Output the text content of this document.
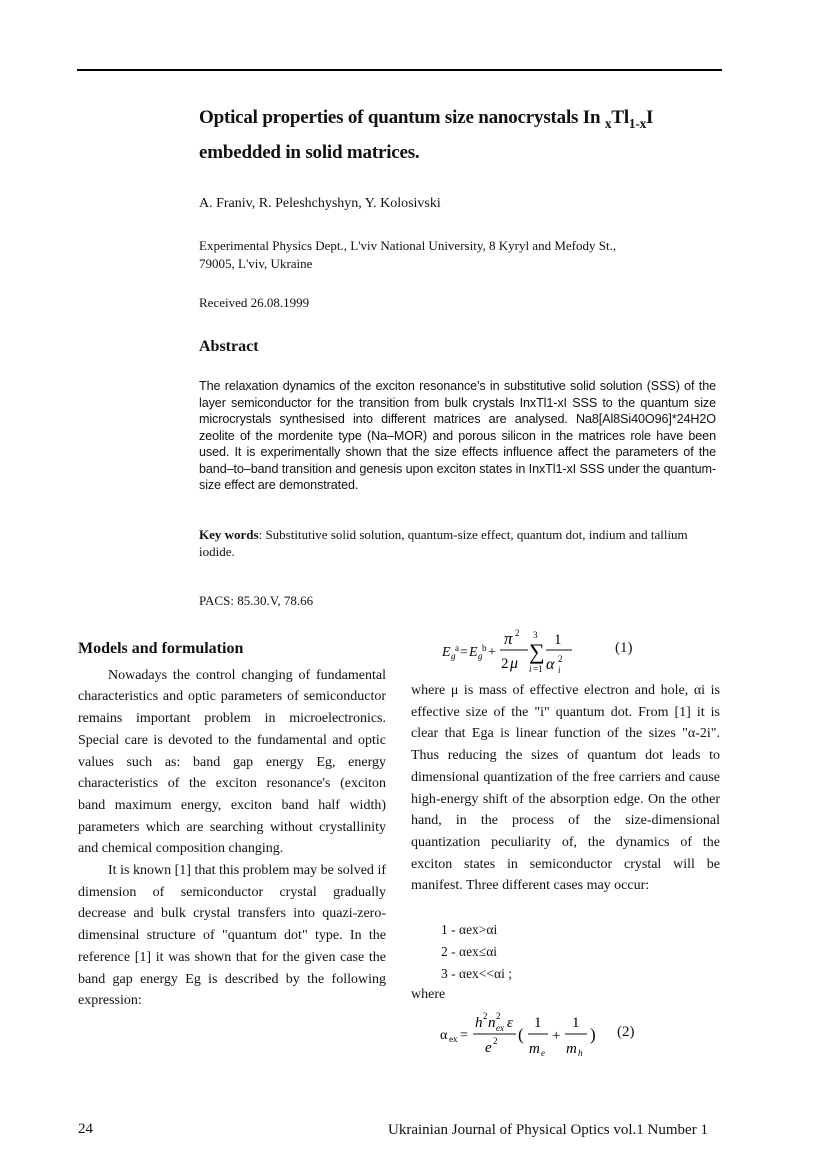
Optical properties of quantum size nanocrystals In $_xTl_{1-x}I$
embedded in solid matrices.
A. Franiv, R. Peleshchyshyn, Y. Kolosivski
Experimental Physics Dept., L'viv National University, 8 Kyryl and Mefody St.,
79005, L'viv, Ukraine
Received 26.08.1999
Abstract
The relaxation dynamics of the exciton resonance's in substitutive solid solution (SSS) of the layer semiconductor for the transition from bulk crystals InxTl1-xI SSS to the quantum size microcrystals synthesised into different matrices are analysed. Na8[Al8Si40O96]*24H2O zeolite of the mordenite type (Na–MOR) and porous silicon in the matrices role have been used. It is experimentally shown that the size effects influence affect the parameters of the band–to–band transition and genesis upon exciton states in InxTl1-xI SSS under the quantum-size effect are demonstrated.
Key words: Substitutive solid solution, quantum-size effect, quantum dot, indium and tallium iodide.
PACS: 85.30.V, 78.66
Models and formulation

Nowadays the control changing of fundamental characteristics and optic parameters of semiconductor remains important problem in microelectronics. Special care is devoted to the fundamental and optic values such as: band gap energy Eg, energy characteristics of the exciton resonance's (exciton band maximum energy, exciton band half width) parameters which are searching without crystallinity and chemical composition changing.

It is known [1] that this problem may be solved if dimension of semiconductor crystal gradually decrease and bulk crystal transfers into quazi-zero-dimensinal structure of "quantum dot" type. In the reference [1] it was shown that for the given case the band gap energy Eg is described by the following expression:

E g
a = E g
b +
π 2
2 μ
3
∑
i =1
1
α 2
i
(1)

where μ is mass of effective electron and hole, αi is effective size of the "i" quantum dot. From [1] it is clear that Ega is linear function of the sizes "α-2i". Thus reducing the sizes of quantum dot leads to dimensional quantization of the free carriers and cause high-energy shift of the absorption edge. On the other hand, in the process of the size-dimensional quantization peculiarity of, the dynamics of the exciton states in semiconductor crystal will be manifest. Three different cases may occur:

1 - αex>αi
2 - αex≤αi
3 - αex<<αi ;
where
α ex =
h 2 n 2
ex ε
e 2 (
1
m e
+
1
m h
) (2)
24	Ukrainian Journal of Physical Optics vol.1 Number 1
